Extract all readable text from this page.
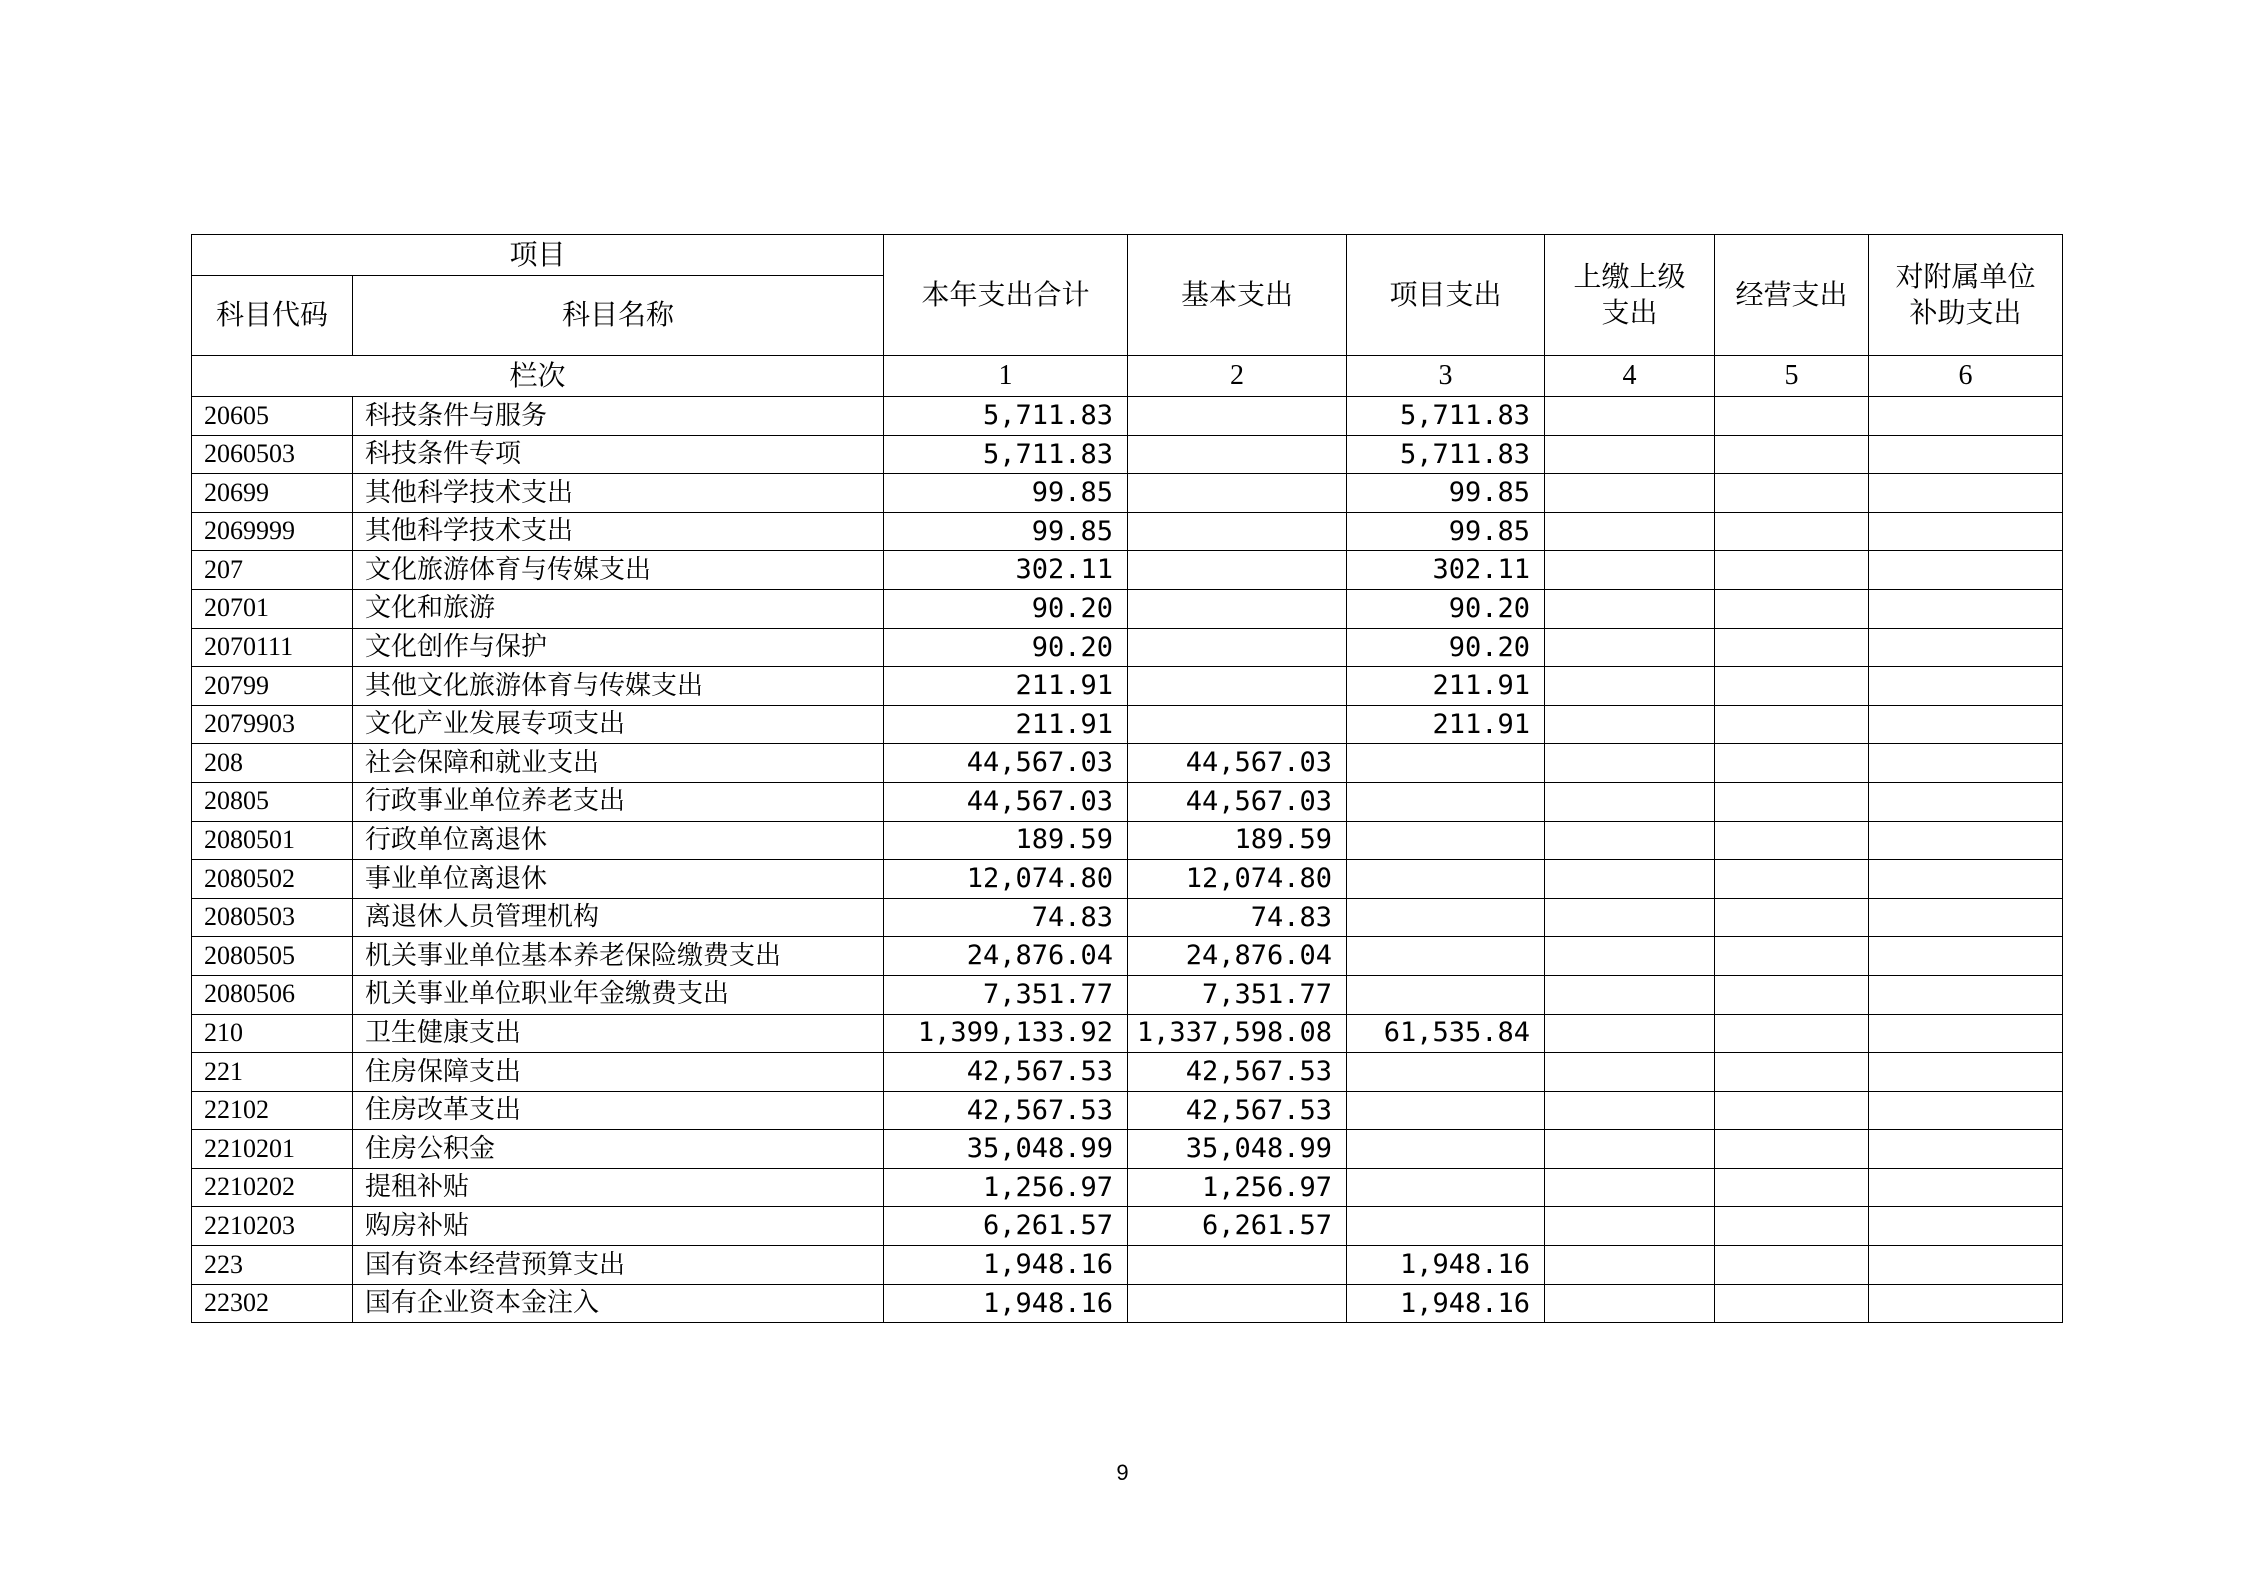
项目		本年支出合计	基本支出	项目支出	上缴上级支出	经营支出	对附属单位补助支出
科目代码	科目名称						
栏次		1	2	3	4	5	6
20605	科技条件与服务	5,711.83		5,711.83			
2060503	科技条件专项	5,711.83		5,711.83			
20699	其他科学技术支出	99.85		99.85			
2069999	其他科学技术支出	99.85		99.85			
207	文化旅游体育与传媒支出	302.11		302.11			
20701	文化和旅游	90.20		90.20			
2070111	文化创作与保护	90.20		90.20			
20799	其他文化旅游体育与传媒支出	211.91		211.91			
2079903	文化产业发展专项支出	211.91		211.91			
208	社会保障和就业支出	44,567.03	44,567.03				
20805	行政事业单位养老支出	44,567.03	44,567.03				
2080501	行政单位离退休	189.59	189.59				
2080502	事业单位离退休	12,074.80	12,074.80				
2080503	离退休人员管理机构	74.83	74.83				
2080505	机关事业单位基本养老保险缴费支出	24,876.04	24,876.04				
2080506	机关事业单位职业年金缴费支出	7,351.77	7,351.77				
210	卫生健康支出	1,399,133.92	1,337,598.08	61,535.84			
221	住房保障支出	42,567.53	42,567.53				
22102	住房改革支出	42,567.53	42,567.53				
2210201	住房公积金	35,048.99	35,048.99				
2210202	提租补贴	1,256.97	1,256.97				
2210203	购房补贴	6,261.57	6,261.57				
223	国有资本经营预算支出	1,948.16		1,948.16			
22302	国有企业资本金注入	1,948.16		1,948.16			
9
